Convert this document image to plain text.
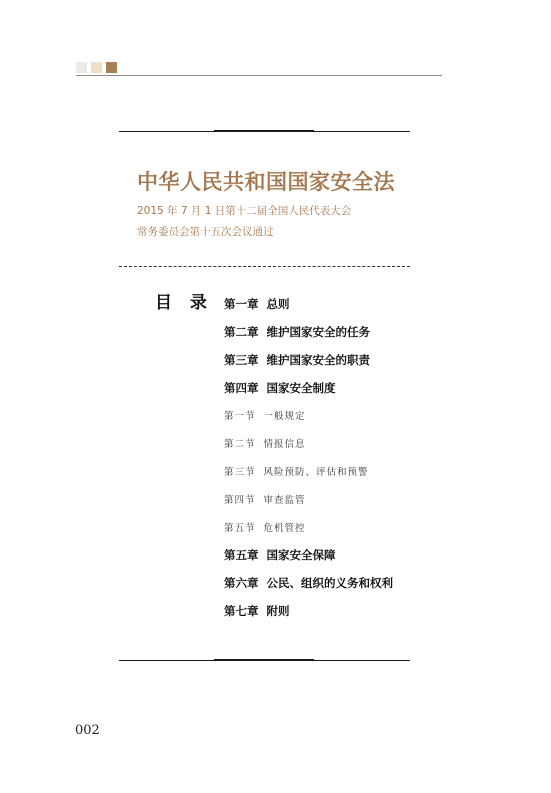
中华人民共和国国家安全法

2015 年 7 月 1 日第十二届全国人民代表大会

常务委员会第十五次会议通过

目 录 第一章 总则
第二章 维护国家安全的任务
第三章 维护国家安全的职责
第四章 国家安全制度
第一节 一般规定
第二节 情报信息
第三节 风险预防、评估和预警
第四节 审查监管
第五节 危机管控
第五章 国家安全保障
第六章 公民、组织的义务和权利
第七章 附则

002
